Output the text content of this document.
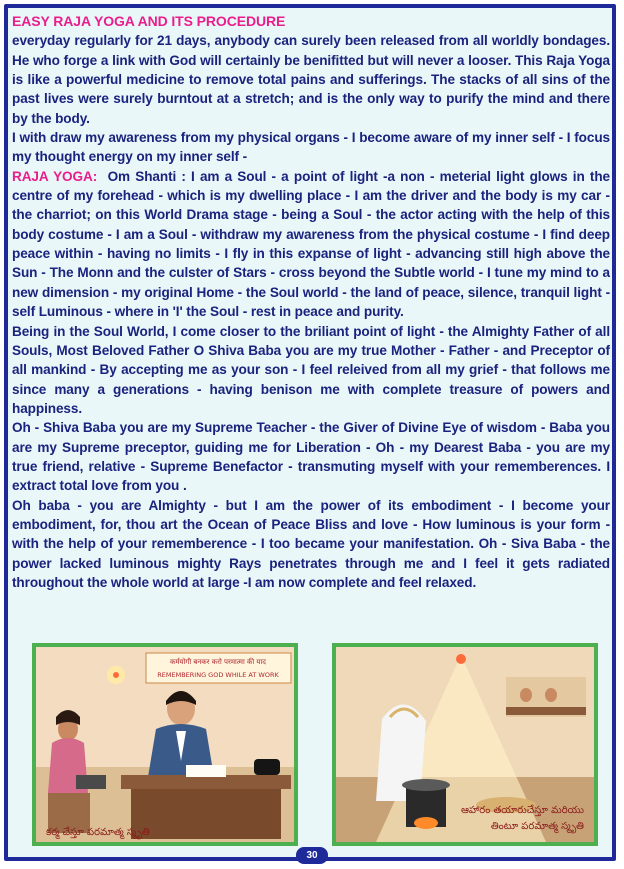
EASY RAJA YOGA AND ITS PROCEDURE

everyday regularly for 21 days, anybody can surely been released from all worldly bondages. He who forge a link with God will certainly be benifitted but will never a looser. This Raja Yoga is like a powerful medicine to remove total pains and sufferings. The stacks of all sins of the past lives were surely burntout at a stretch; and is the only way to purify the mind and there by the body.

I with draw my awareness from my physical organs - I become aware of my inner self - I focus my thought energy on my inner self -

RAJA YOGA: Om Shanti : I am a Soul - a point of light -a non - meterial light glows in the centre of my forehead - which is my dwelling place - I am the driver and the body is my car - the charriot; on this World Drama stage - being a Soul - the actor acting with the help of this body costume - I am a Soul - withdraw my awareness from the physical costume - I find deep peace within - having no limits - I fly in this expanse of light - advancing still high above the Sun - The Monn and the culster of Stars - cross beyond the Subtle world - I tune my mind to a new dimension - my original Home - the Soul world - the land of peace, silence, tranquil light - self Luminous - where in 'I' the Soul - rest in peace and purity.

Being in the Soul World, I come closer to the briliant point of light - the Almighty Father of all Souls, Most Beloved Father O Shiva Baba you are my true Mother - Father - and Preceptor of all mankind - By accepting me as your son - I feel releived from all my grief - that follows me since many a generations - having benison me with complete treasure of powers and happiness.

Oh - Shiva Baba you are my Supreme Teacher - the Giver of Divine Eye of wisdom - Baba you are my Supreme preceptor, guiding me for Liberation - Oh - my Dearest Baba - you are my true friend, relative - Supreme Benefactor - transmuting myself with your rememberences. I extract total love from you .

Oh baba - you are Almighty - but I am the power of its embodiment - I become your embodiment, for, thou art the Ocean of Peace Bliss and love - How luminous is your form - with the help of your rememberence - I too became your manifestation. Oh - Siva Baba - the power lacked luminous mighty Rays penetrates through me and I feel it gets radiated throughout the whole world at large -I am now complete and feel relaxed.

कर्मयोगी बनकर करो परमात्मा की याद
REMEMBERING GOD WHILE AT WORK
కర్మ చేస్తూ పరమాత్మ స్మృతి
ఆహారం తయారుచేస్తూ మరియు
తింటూ పరమాత్మ స్మృతి
30
